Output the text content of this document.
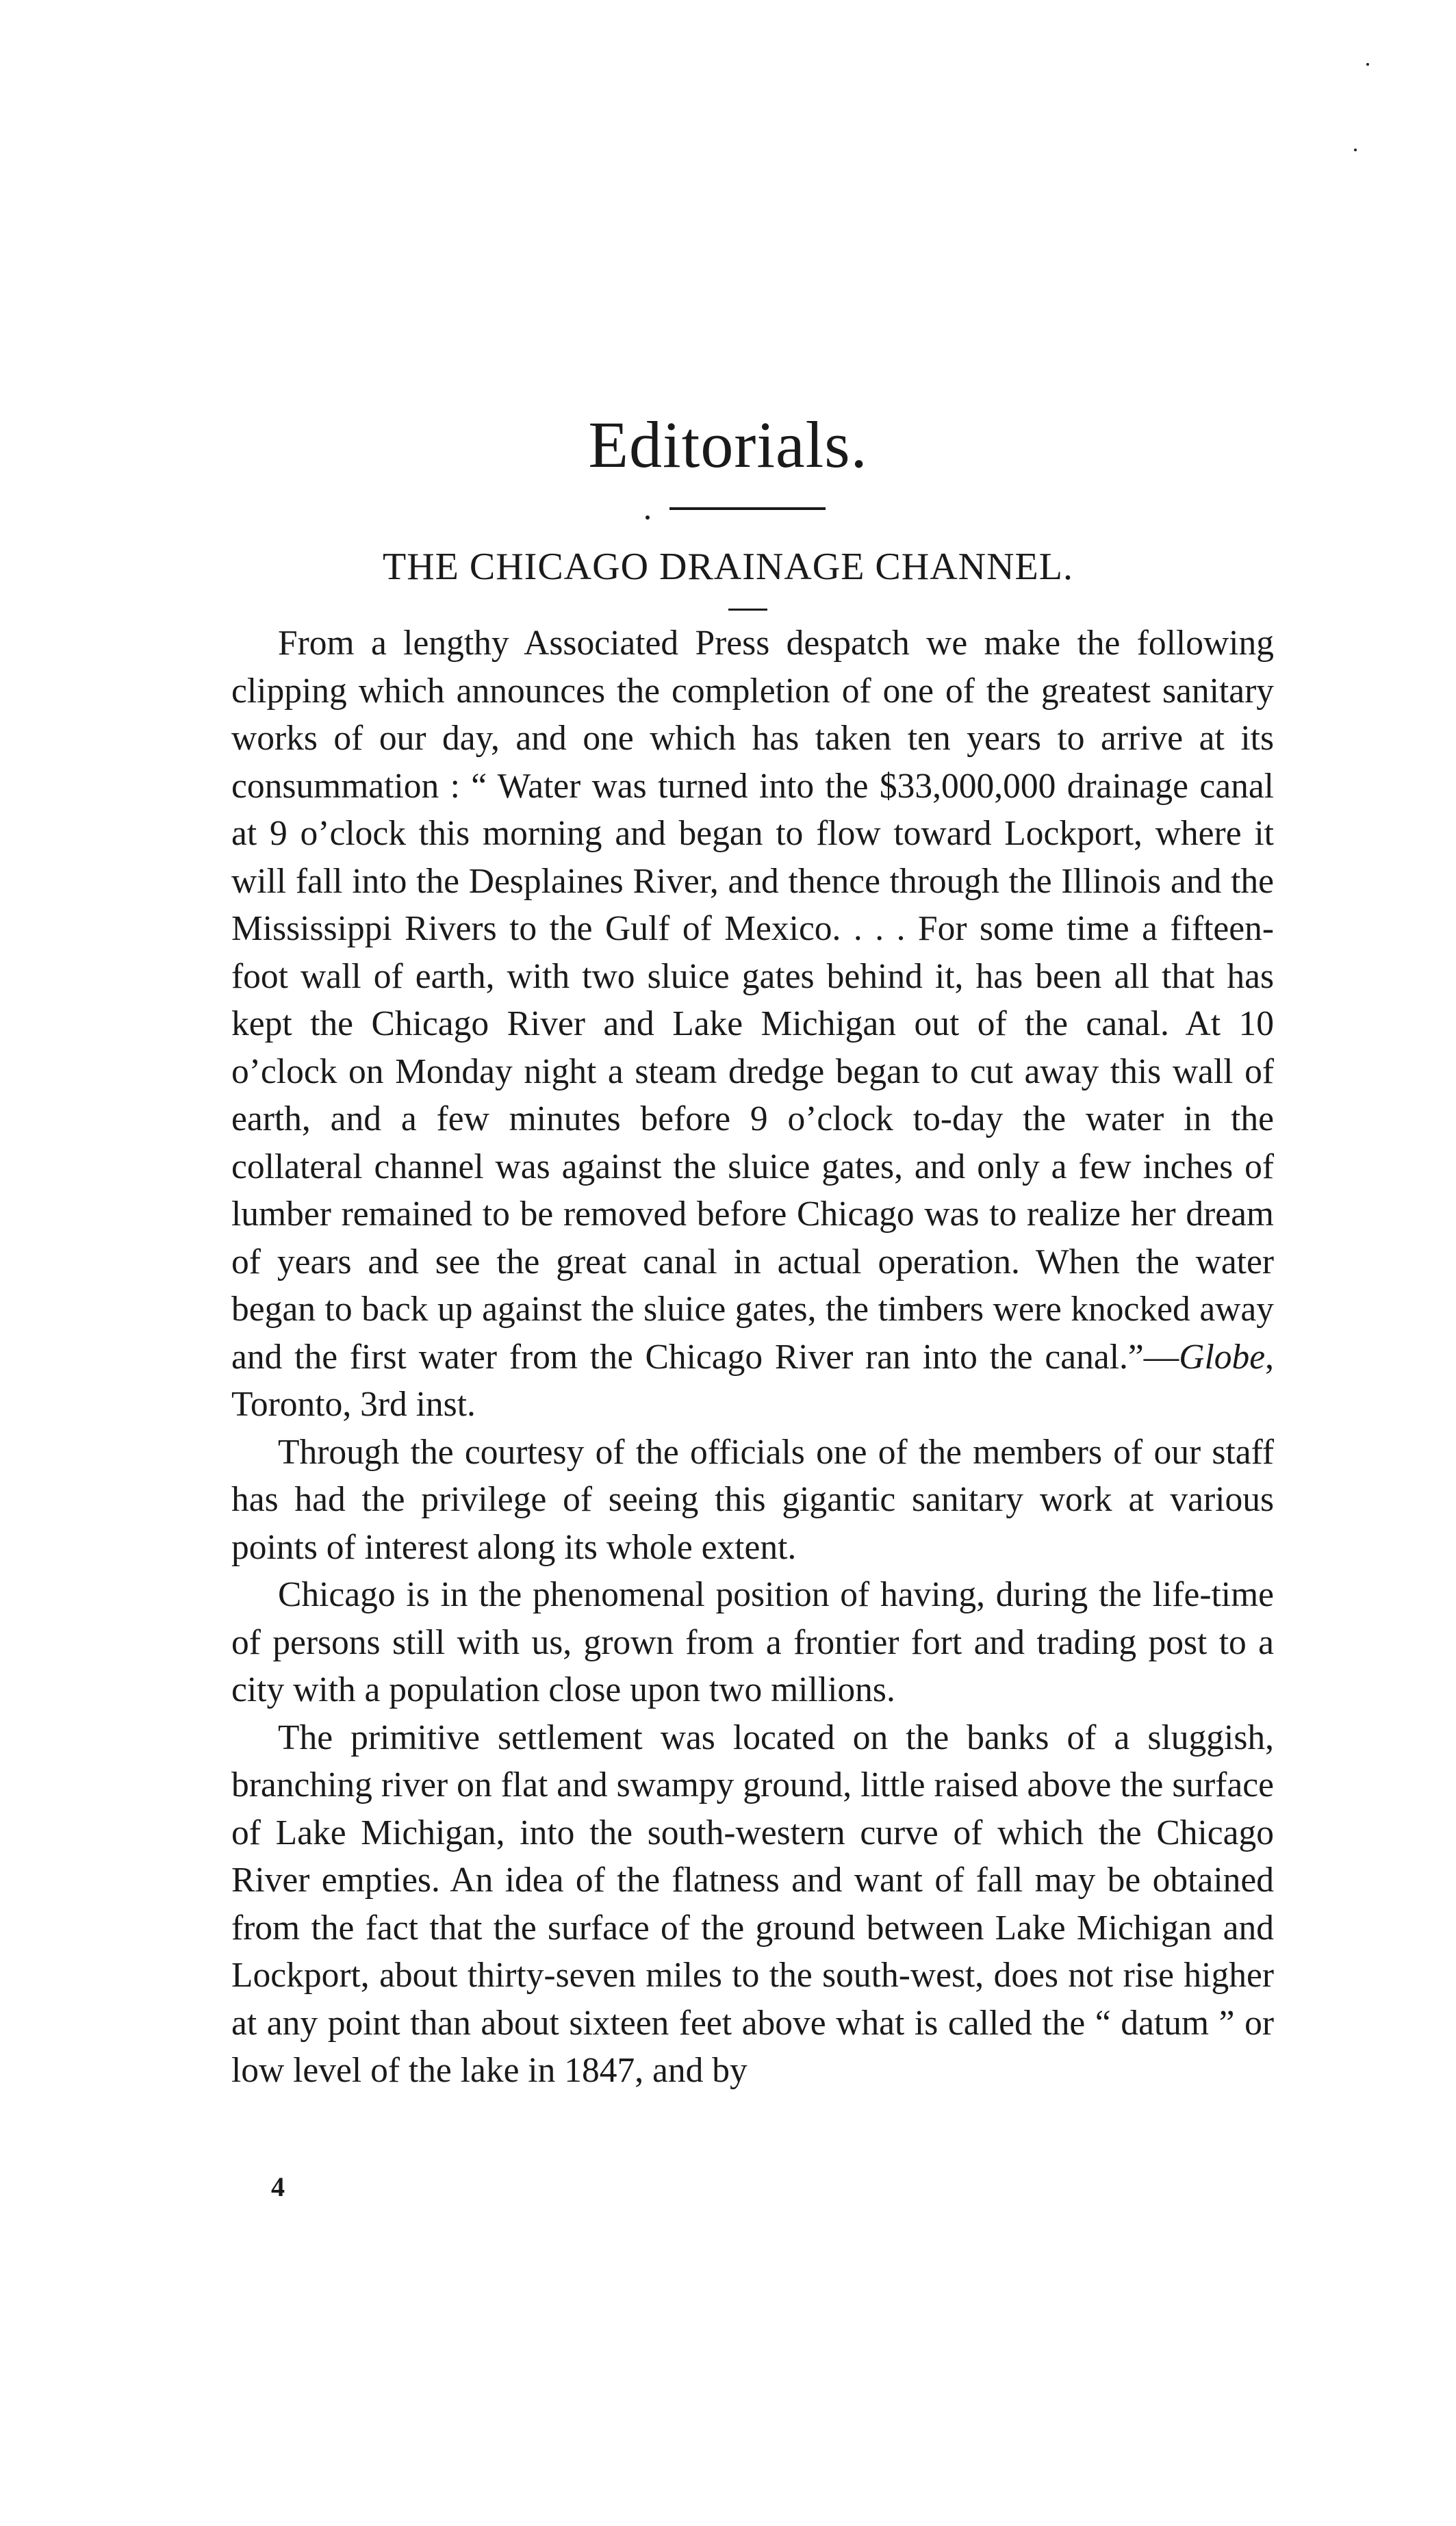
Editorials.
THE CHICAGO DRAINAGE CHANNEL.

From a lengthy Associated Press despatch we make the following clipping which announces the completion of one of the greatest sanitary works of our day, and one which has taken ten years to arrive at its consummation : “ Water was turned into the $33,000,000 drainage canal at 9 o’clock this morning and began to flow toward Lockport, where it will fall into the Desplaines River, and thence through the Illinois and the Mississippi Rivers to the Gulf of Mexico. . . . For some time a fifteen-foot wall of earth, with two sluice gates behind it, has been all that has kept the Chicago River and Lake Michigan out of the canal. At 10 o’clock on Monday night a steam dredge began to cut away this wall of earth, and a few minutes before 9 o’clock to-day the water in the collateral channel was against the sluice gates, and only a few inches of lumber remained to be removed before Chicago was to realize her dream of years and see the great canal in actual operation. When the water began to back up against the sluice gates, the timbers were knocked away and the first water from the Chicago River ran into the canal.”—Globe, Toronto, 3rd inst.

Through the courtesy of the officials one of the members of our staff has had the privilege of seeing this gigantic sanitary work at various points of interest along its whole extent.

Chicago is in the phenomenal position of having, during the life-time of persons still with us, grown from a frontier fort and trading post to a city with a population close upon two millions.

The primitive settlement was located on the banks of a sluggish, branching river on flat and swampy ground, little raised above the surface of Lake Michigan, into the south-western curve of which the Chicago River empties. An idea of the flatness and want of fall may be obtained from the fact that the surface of the ground between Lake Michigan and Lockport, about thirty-seven miles to the south-west, does not rise higher at any point than about sixteen feet above what is called the “ datum ” or low level of the lake in 1847, and by

4
